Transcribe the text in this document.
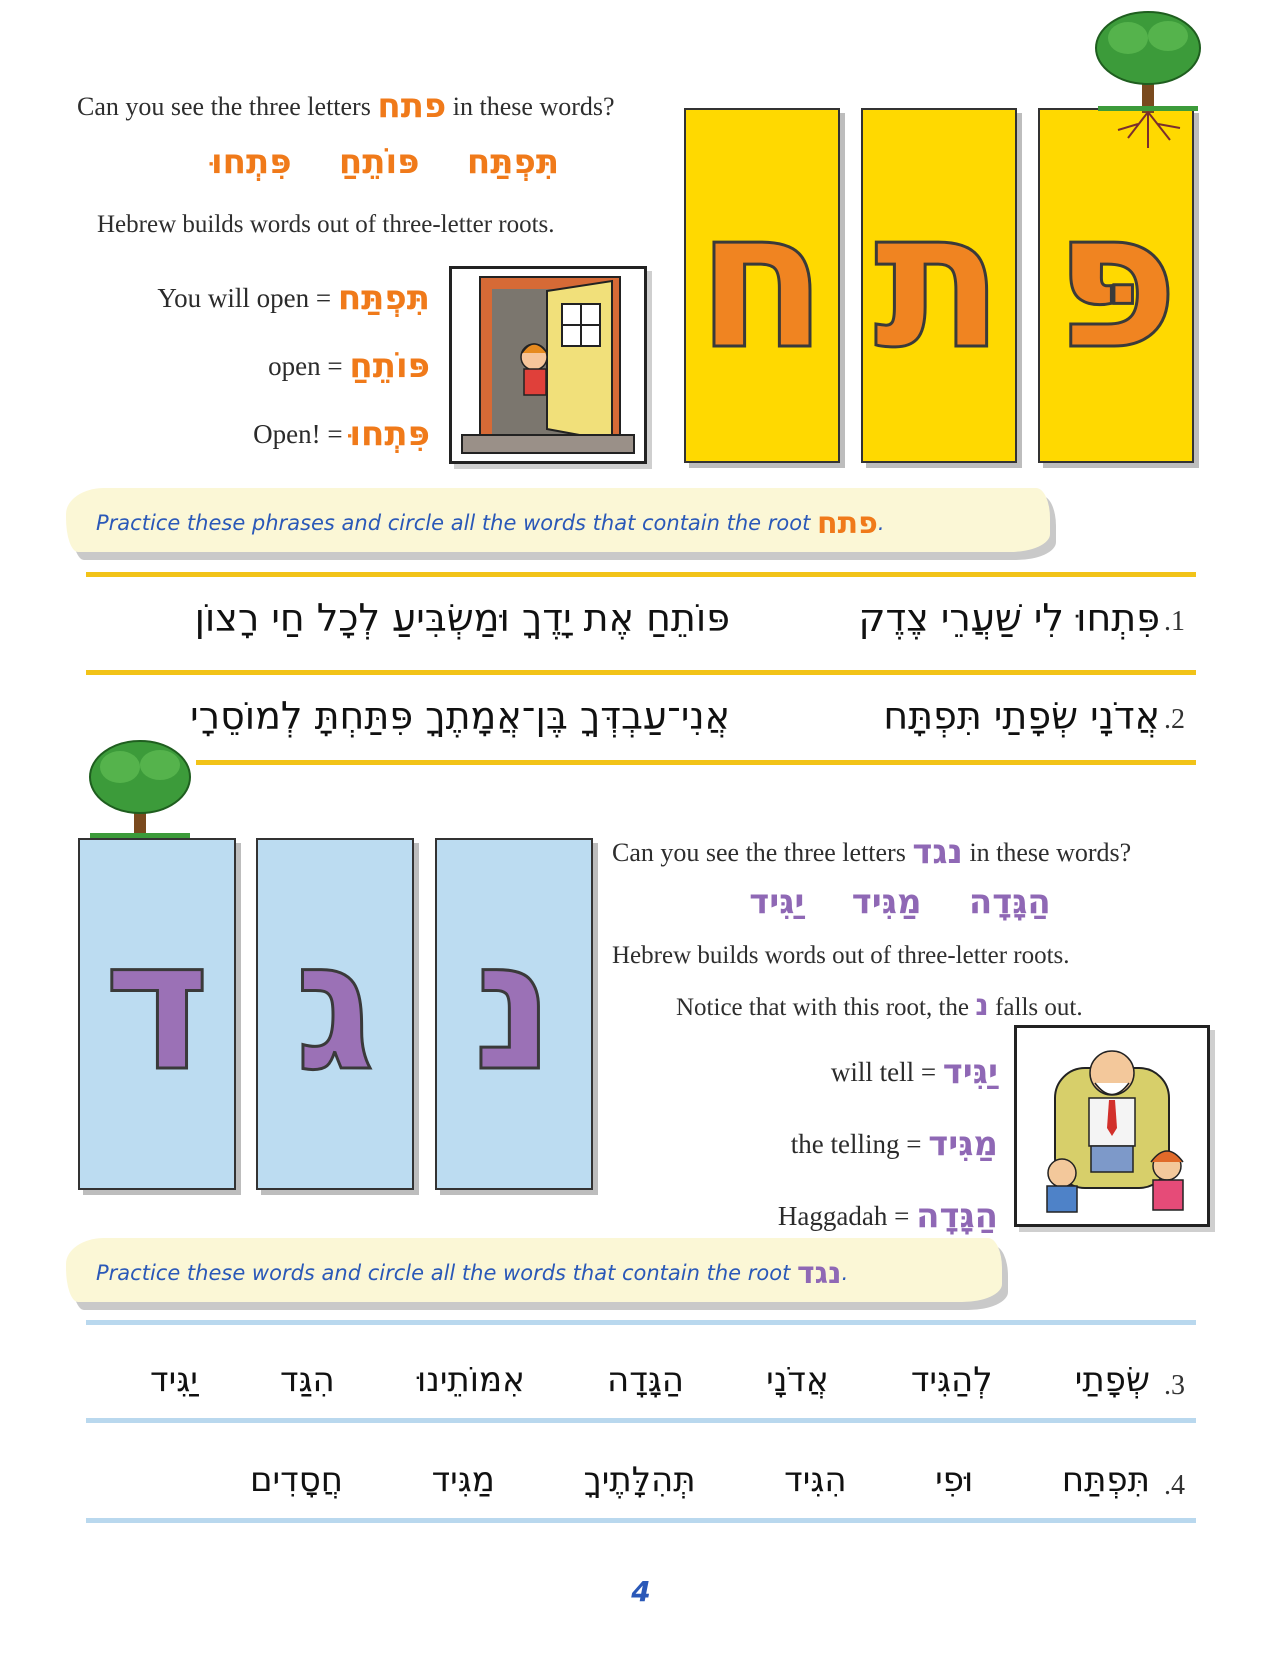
Can you see the three letters פתח in these words?
תִּפְתַּח    פּוֹתֵחַ    פִּתְחוּ
Hebrew builds words out of three-letter roots.
You will open = תִּפְתַּח
open = פּוֹתֵחַ
Open! = פִּתְחוּ
ח ת פּ
Practice these phrases and circle all the words that contain the root פתח.
פִּתְחוּ לִי שַׁעֲרֵי צֶדֶק .1
פּוֹתֵחַ אֶת יָדֶךָ וּמַשְׂבִּיעַ לְכָל חַי רָצוֹן
אֲדֹנָי שְׂפָתַי תִּפְתָּח .2
אֲנִי־עַבְדְּךָ בֶּן־אֲמָתֶךָ פִּתַּחְתָּ לְמוֹסֵרָי
ד ג נ
Can you see the three letters נגד in these words?
הַגָּדָה    מַגִּיד    יַגִּיד
Hebrew builds words out of three-letter roots.
Notice that with this root, the נ falls out.
will tell = יַגִּיד
the telling = מַגִּיד
Haggadah = הַגָּדָה
Practice these words and circle all the words that contain the root נגד.
.3
שְׂפָתַי
לְהַגִּיד
אֲדֹנָי
הַגָּדָה
אִמּוֹתֵינוּ
הִגַּד
יַגִּיד
.4
תִּפְתַּח
וּפִי
הִגִּיד
תְּהִלָּתֶיךָ
מַגִּיד
חֲסָדִים
4
